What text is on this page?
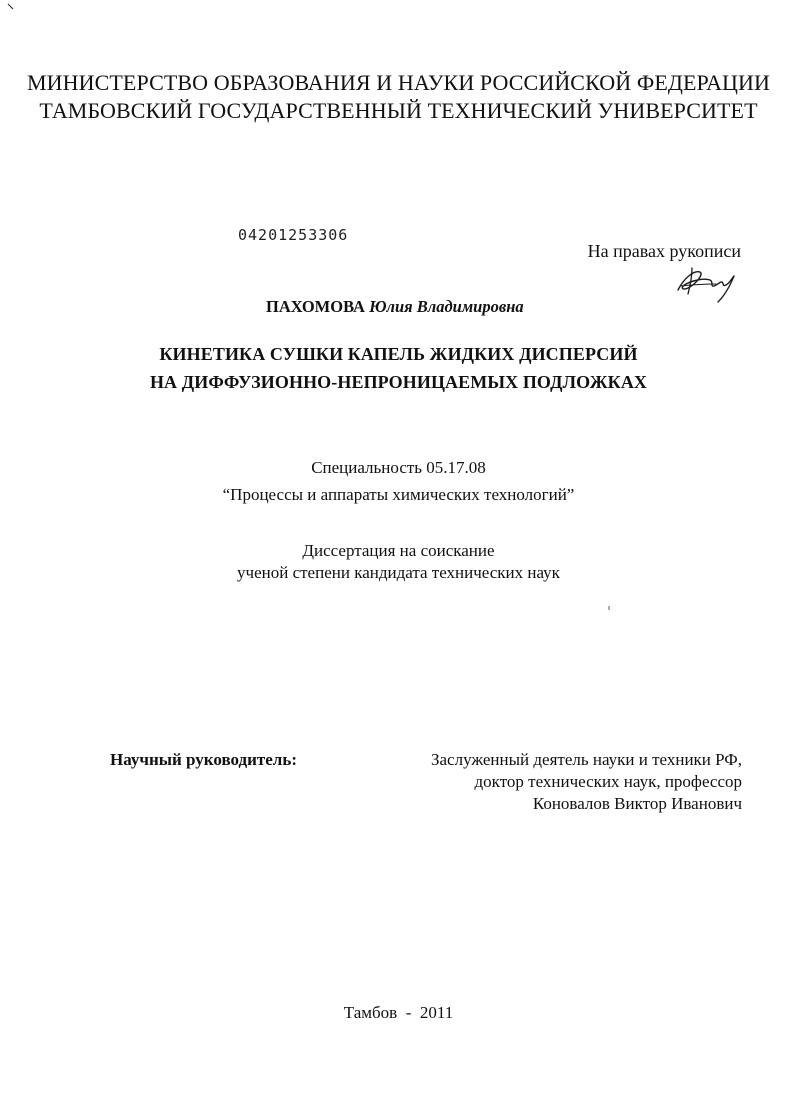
МИНИСТЕРСТВО ОБРАЗОВАНИЯ И НАУКИ РОССИЙСКОЙ ФЕДЕРАЦИИ

ТАМБОВСКИЙ ГОСУДАРСТВЕННЫЙ ТЕХНИЧЕСКИЙ УНИВЕРСИТЕТ

04201253306

На правах рукописи

ПАХОМОВА Юлия Владимировна

КИНЕТИКА СУШКИ КАПЕЛЬ ЖИДКИХ ДИСПЕРСИЙ

НА ДИФФУЗИОННО-НЕПРОНИЦАЕМЫХ ПОДЛОЖКАХ

Специальность 05.17.08

“Процессы и аппараты химических технологий”

Диссертация на соискание

ученой степени кандидата технических наук

Научный руководитель:	Заслуженный деятель науки и техники РФ,

доктор технических наук, профессор

Коновалов Виктор Иванович

Тамбов  -  2011
